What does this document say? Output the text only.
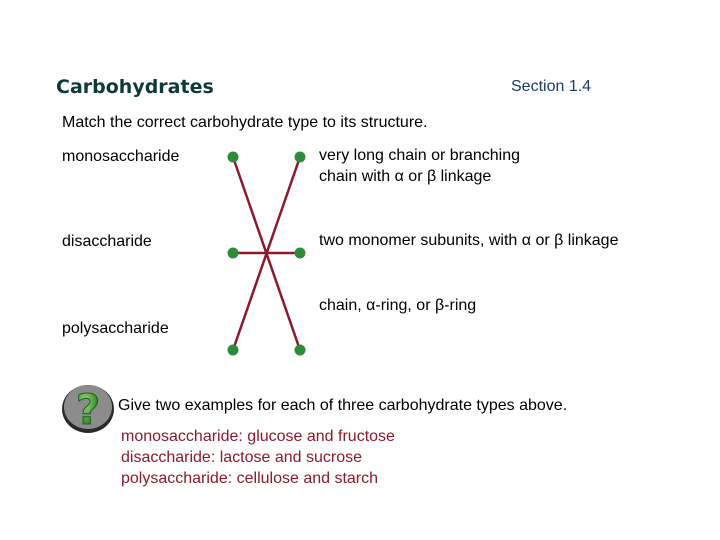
Carbohydrates	Section 1.4
Match the correct carbohydrate type to its structure.
monosaccharide
disaccharide
polysaccharide
very long chain or branching
chain with α or β linkage
two monomer subunits, with α or β linkage
chain, α-ring, or β-ring
? Give two examples for each of three carbohydrate types above.
monosaccharide: glucose and fructose
disaccharide: lactose and sucrose
polysaccharide: cellulose and starch
